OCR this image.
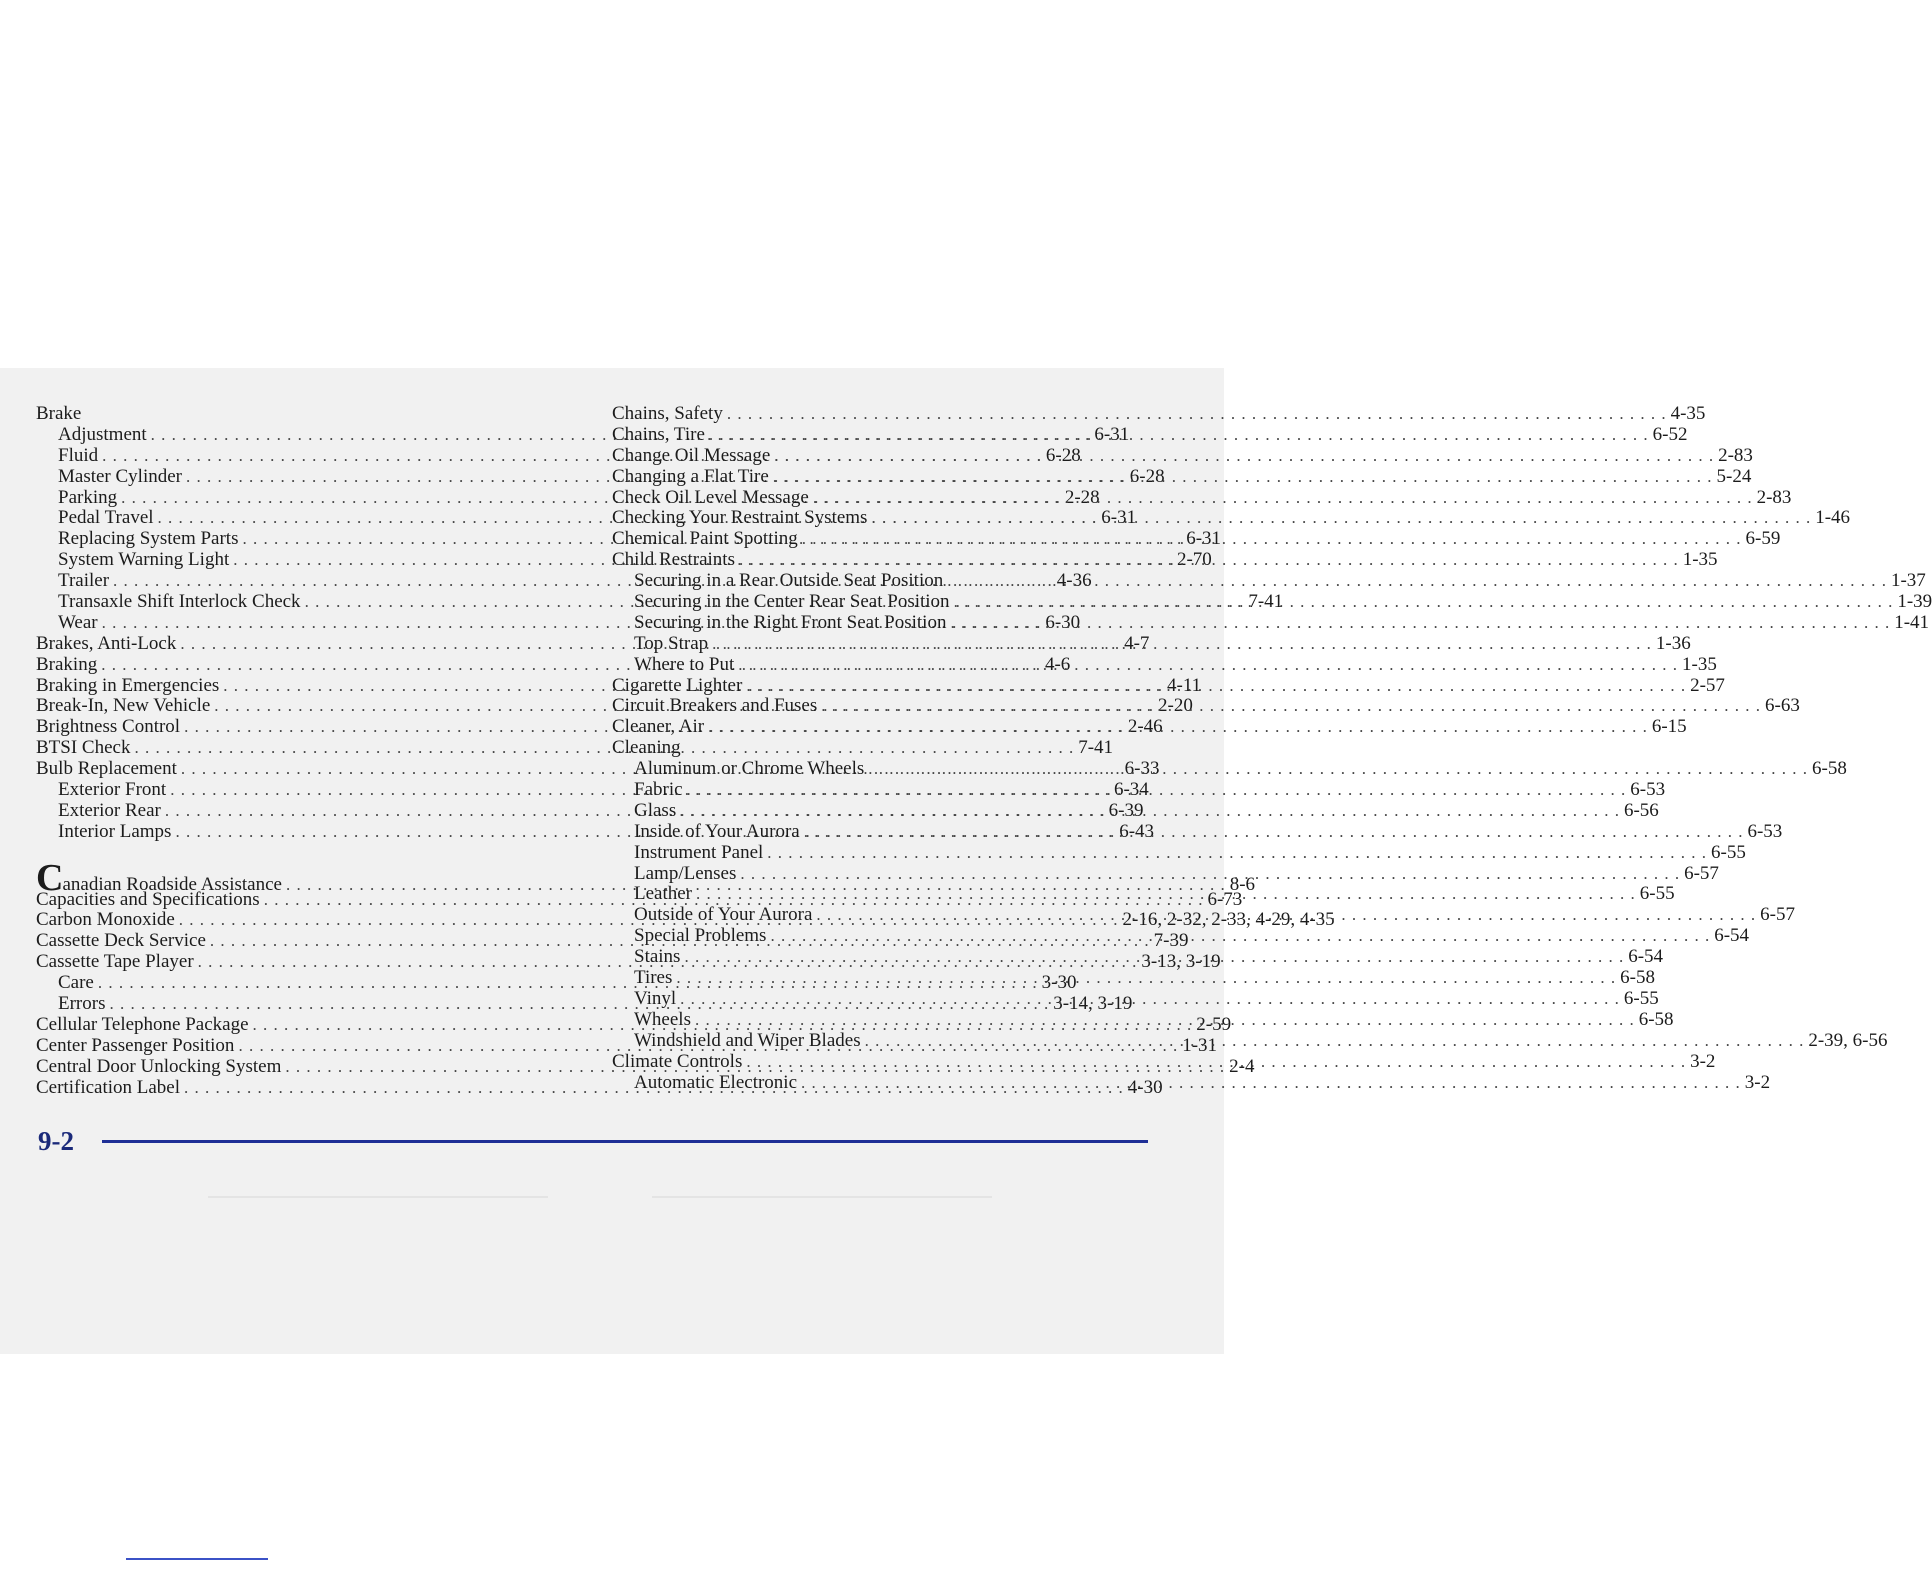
Brake
Adjustment . . .	6-31
Fluid . . .	6-28
Master Cylinder . . .	6-28
Parking . . .	2-28
Pedal Travel . . .	6-31
Replacing System Parts . . .	6-31
System Warning Light . . .	2-70
Trailer . . .	4-36
Transaxle Shift Interlock Check . . .	7-41
Wear . . .	6-30
Brakes, Anti-Lock . . .	4-7
Braking . . .	4-6
Braking in Emergencies . . .	4-11
Break-In, New Vehicle . . .	2-20
Brightness Control . . .	2-46
BTSI Check . . .	7-41
Bulb Replacement . . .	6-33
Exterior Front . . .	6-34
Exterior Rear . . .	6-39
Interior Lamps . . .	6-43
Canadian Roadside Assistance . . .	8-6
Capacities and Specifications . . .	6-73
Carbon Monoxide . . .	2-16, 2-32, 2-33, 4-29, 4-35
Cassette Deck Service . . .	7-39
Cassette Tape Player . . .	3-13, 3-19
Care . . .	3-30
Errors . . .	3-14, 3-19
Cellular Telephone Package . . .	2-59
Center Passenger Position . . .	1-31
Central Door Unlocking System . . .	2-4
Certification Label . . .	4-30
Chains, Safety . . .	4-35
Chains, Tire . . .	6-52
Change Oil Message . . .	2-83
Changing a Flat Tire . . .	5-24
Check Oil Level Message . . .	2-83
Checking Your Restraint Systems . . .	1-46
Chemical Paint Spotting . . .	6-59
Child Restraints . . .	1-35
Securing in a Rear Outside Seat Position . . .	1-37
Securing in the Center Rear Seat Position . . .	1-39
Securing in the Right Front Seat Position . . .	1-41
Top Strap . . .	1-36
Where to Put . . .	1-35
Cigarette Lighter . . .	2-57
Circuit Breakers and Fuses . . .	6-63
Cleaner, Air . . .	6-15
Cleaning
Aluminum or Chrome Wheels . . .	6-58
Fabric . . .	6-53
Glass . . .	6-56
Inside of Your Aurora . . .	6-53
Instrument Panel . . .	6-55
Lamp/Lenses . . .	6-57
Leather . . .	6-55
Outside of Your Aurora . . .	6-57
Special Problems . . .	6-54
Stains . . .	6-54
Tires . . .	6-58
Vinyl . . .	6-55
Wheels . . .	6-58
Windshield and Wiper Blades . . .	2-39, 6-56
Climate Controls . . .	3-2
Automatic Electronic . . .	3-2
9-2
